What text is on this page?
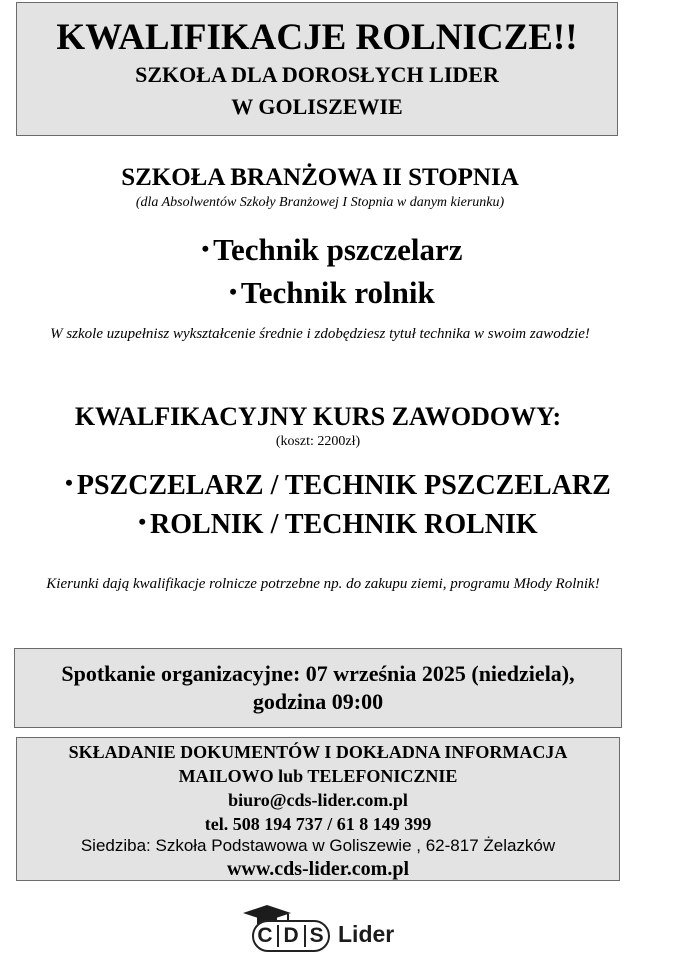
KWALIFIKACJE ROLNICZE!!
SZKOŁA DLA DOROSŁYCH LIDER
W GOLISZEWIE
SZKOŁA BRANŻOWA II STOPNIA
(dla Absolwentów Szkoły Branżowej I Stopnia w danym kierunku)
• Technik pszczelarz
• Technik rolnik
W szkole uzupełnisz wykształcenie średnie i zdobędziesz tytuł technika w swoim zawodzie!
KWALFIKACYJNY KURS ZAWODOWY:
(koszt: 2200zł)
• PSZCZELARZ / TECHNIK PSZCZELARZ
• ROLNIK / TECHNIK ROLNIK
Kierunki dają kwalifikacje rolnicze potrzebne np. do zakupu ziemi, programu Młody Rolnik!
Spotkanie organizacyjne: 07 września 2025 (niedziela),
godzina 09:00
SKŁADANIE DOKUMENTÓW I DOKŁADNA INFORMACJA
MAILOWO lub TELEFONICZNIE
biuro@cds-lider.com.pl
tel. 508 194 737 / 61 8 149 399
Siedziba: Szkoła Podstawowa w Goliszewie , 62-817 Żelazków
www.cds-lider.com.pl
C D S Lider
